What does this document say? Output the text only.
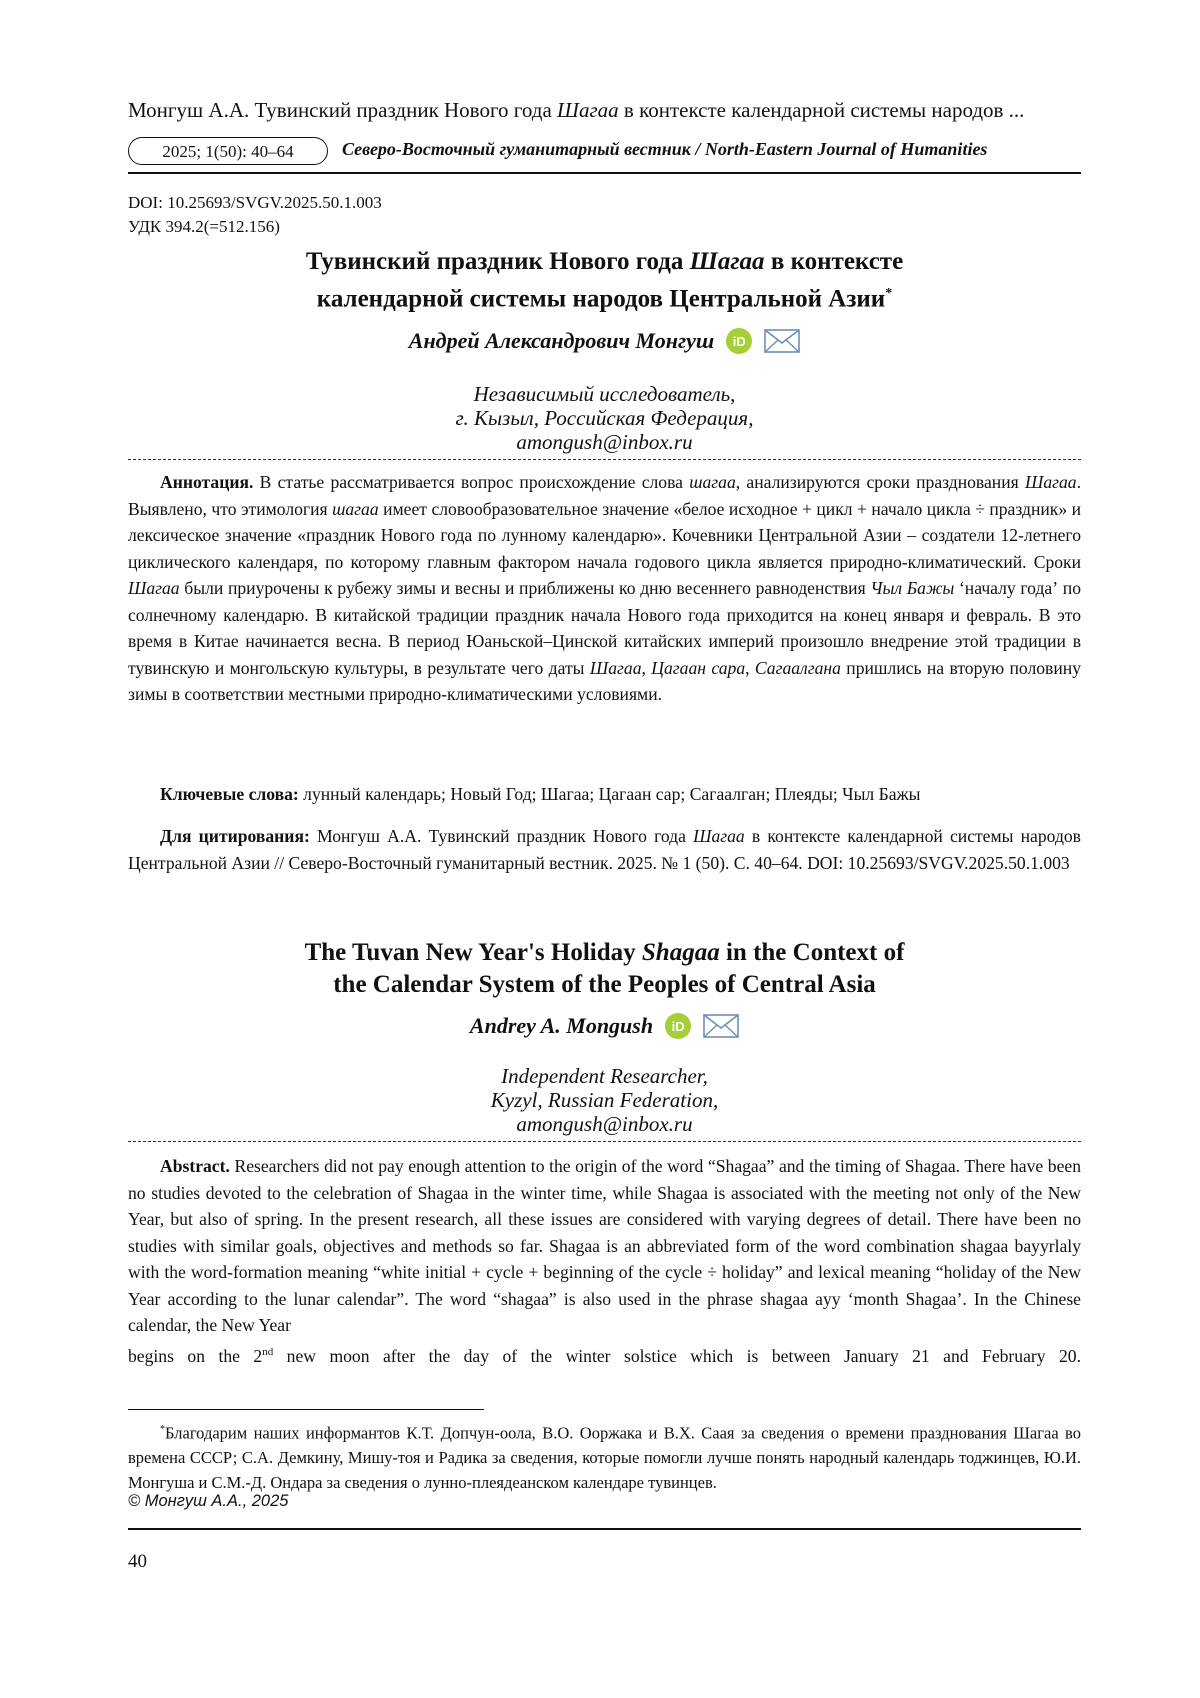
Монгуш А.А. Тувинский праздник Нового года Шагаа в контексте календарной системы народов ...
2025; 1(50): 40–64	Северо-Восточный гуманитарный вестник / North-Eastern Journal of Humanities
DOI: 10.25693/SVGV.2025.50.1.003
УДК 394.2(=512.156)
Тувинский праздник Нового года Шагаа в контексте
календарной системы народов Центральной Азии*
Андрей Александрович Монгуш	iD
Независимый исследователь,
г. Кызыл, Российская Федерация,
amongush@inbox.ru
Аннотация. В статье рассматривается вопрос происхождение слова шагаа, анализируются сроки празднования Шагаа. Выявлено, что этимология шагаа имеет словообразовательное значение «белое исходное + цикл + начало цикла ÷ праздник» и лексическое значение «праздник Нового года по лунному календарю». Кочевники Центральной Азии – создатели 12-летнего циклического календаря, по которому главным фактором начала годового цикла является природно-климатический. Сроки Шагаа были приурочены к рубежу зимы и весны и приближены ко дню весеннего равноденствия Чыл Бажы ʻначалу годаʼ по солнечному календарю. В китайской традиции праздник начала Нового года приходится на конец января и февраль. В это время в Китае начинается весна. В период Юаньской–Цинской китайских империй произошло внедрение этой традиции в тувинскую и монгольскую культуры, в результате чего даты Шагаа, Цагаан сара, Сагаалгана пришлись на вторую половину зимы в соответствии местными природно-климатическими условиями.
Ключевые слова: лунный календарь; Новый Год; Шагаа; Цагаан сар; Сагаалган; Плеяды; Чыл Бажы
Для цитирования: Монгуш А.А. Тувинский праздник Нового года Шагаа в контексте календарной системы народов Центральной Азии // Северо-Восточный гуманитарный вестник. 2025. № 1 (50). С. 40–64. DOI: 10.25693/SVGV.2025.50.1.003
The Tuvan New Year's Holiday Shagaa in the Context of
the Calendar System of the Peoples of Central Asia
Andrey A. Mongush	iD
Independent Researcher,
Kyzyl, Russian Federation,
amongush@inbox.ru
Abstract. Researchers did not pay enough attention to the origin of the word “Shagaa” and the timing of Shagaa. There have been no studies devoted to the celebration of Shagaa in the winter time, while Shagaa is associated with the meeting not only of the New Year, but also of spring. In the present research, all these issues are considered with varying degrees of detail. There have been no studies with similar goals, objectives and methods so far. Shagaa is an abbreviated form of the word combination shagaa bayyrlaly with the word-formation meaning “white initial + cycle + beginning of the cycle ÷ holiday” and lexical meaning “holiday of the New Year according to the lunar calendar”. The word “shagaa” is also used in the phrase shagaa ayy ʻmonth Shagaaʼ. In the Chinese calendar, the New Year
begins on the 2nd new moon after the day of the winter solstice which is between January 21 and February 20.
*Благодарим наших информантов К.Т. Допчун-оола, В.О. Ооржака и В.Х. Саая за сведения о времени празднования Шагаа во времена СССР; С.А. Демкину, Мишу-тоя и Радика за сведения, которые помогли лучше понять народный календарь тоджинцев, Ю.И. Монгуша и С.М.-Д. Ондара за сведения о лунно-плеядеанском календаре тувинцев.
© Монгуш А.А., 2025
40
